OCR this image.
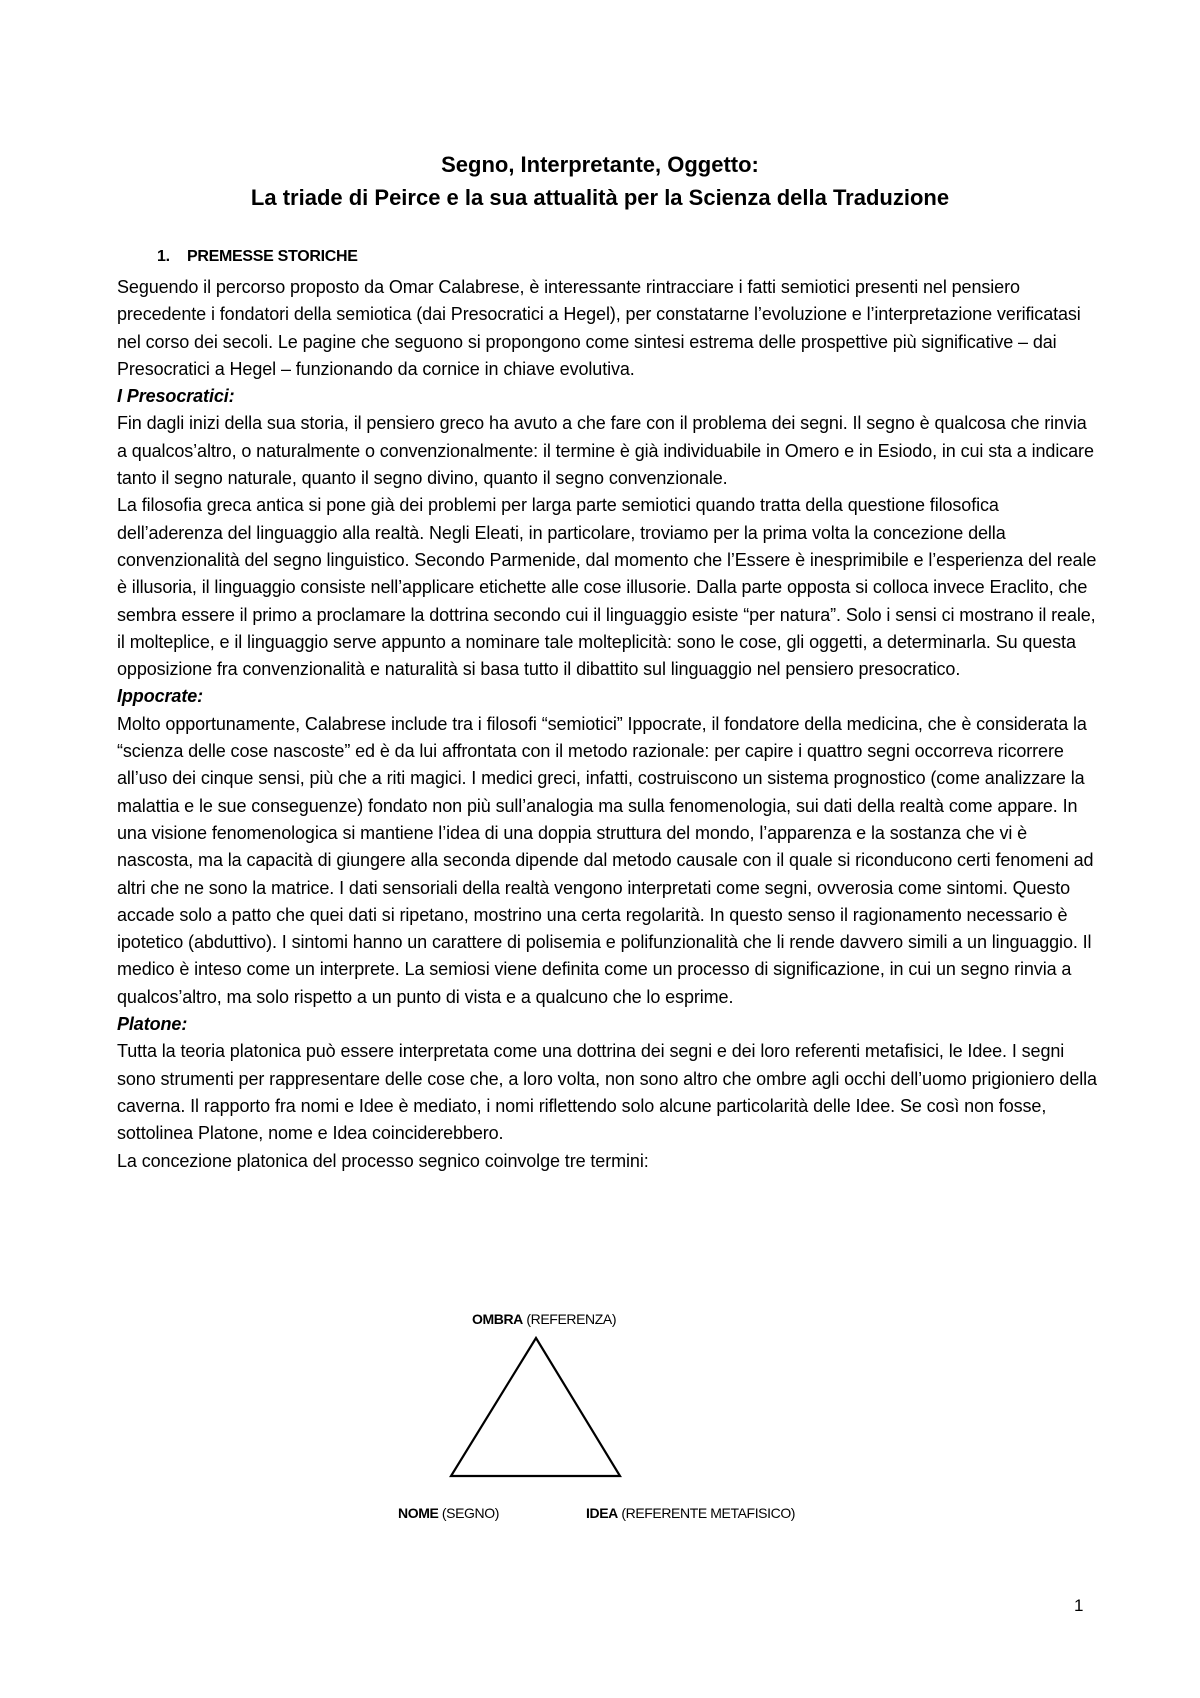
Segno, Interpretante, Oggetto:
La triade di Peirce e la sua attualità per la Scienza della Traduzione
1. PREMESSE STORICHE

Seguendo il percorso proposto da Omar Calabrese, è interessante rintracciare i fatti semiotici presenti nel pensiero precedente i fondatori della semiotica (dai Presocratici a Hegel), per constatarne l’evoluzione e l’interpretazione verificatasi nel corso dei secoli. Le pagine che seguono si propongono come sintesi estrema delle prospettive più significative – dai Presocratici a Hegel – funzionando da cornice in chiave evolutiva.

I Presocratici:

Fin dagli inizi della sua storia, il pensiero greco ha avuto a che fare con il problema dei segni. Il segno è qualcosa che rinvia a qualcos’altro, o naturalmente o convenzionalmente: il termine è già individuabile in Omero e in Esiodo, in cui sta a indicare tanto il segno naturale, quanto il segno divino, quanto il segno convenzionale.

La filosofia greca antica si pone già dei problemi per larga parte semiotici quando tratta della questione filosofica dell’aderenza del linguaggio alla realtà. Negli Eleati, in particolare, troviamo per la prima volta la concezione della convenzionalità del segno linguistico. Secondo Parmenide, dal momento che l’Essere è inesprimibile e l’esperienza del reale è illusoria, il linguaggio consiste nell’applicare etichette alle cose illusorie. Dalla parte opposta si colloca invece Eraclito, che sembra essere il primo a proclamare la dottrina secondo cui il linguaggio esiste “per natura”. Solo i sensi ci mostrano il reale, il molteplice, e il linguaggio serve appunto a nominare tale molteplicità: sono le cose, gli oggetti, a determinarla. Su questa opposizione fra convenzionalità e naturalità si basa tutto il dibattito sul linguaggio nel pensiero presocratico.

Ippocrate:

Molto opportunamente, Calabrese include tra i filosofi “semiotici” Ippocrate, il fondatore della medicina, che è considerata la “scienza delle cose nascoste” ed è da lui affrontata con il metodo razionale: per capire i quattro segni occorreva ricorrere all’uso dei cinque sensi, più che a riti magici. I medici greci, infatti, costruiscono un sistema prognostico (come analizzare la malattia e le sue conseguenze) fondato non più sull’analogia ma sulla fenomenologia, sui dati della realtà come appare. In una visione fenomenologica si mantiene l’idea di una doppia struttura del mondo, l’apparenza e la sostanza che vi è nascosta, ma la capacità di giungere alla seconda dipende dal metodo causale con il quale si riconducono certi fenomeni ad altri che ne sono la matrice. I dati sensoriali della realtà vengono interpretati come segni, ovverosia come sintomi. Questo accade solo a patto che quei dati si ripetano, mostrino una certa regolarità. In questo senso il ragionamento necessario è ipotetico (abduttivo). I sintomi hanno un carattere di polisemia e polifunzionalità che li rende davvero simili a un linguaggio. Il medico è inteso come un interprete. La semiosi viene definita come un processo di significazione, in cui un segno rinvia a qualcos’altro, ma solo rispetto a un punto di vista e a qualcuno che lo esprime.

Platone:

Tutta la teoria platonica può essere interpretata come una dottrina dei segni e dei loro referenti metafisici, le Idee. I segni sono strumenti per rappresentare delle cose che, a loro volta, non sono altro che ombre agli occhi dell’uomo prigioniero della caverna. Il rapporto fra nomi e Idee è mediato, i nomi riflettendo solo alcune particolarità delle Idee. Se così non fosse, sottolinea Platone, nome e Idea coinciderebbero.

La concezione platonica del processo segnico coinvolge tre termini:

OMBRA (REFERENZA)
NOME (SEGNO)	IDEA (REFERENTE METAFISICO)
1
